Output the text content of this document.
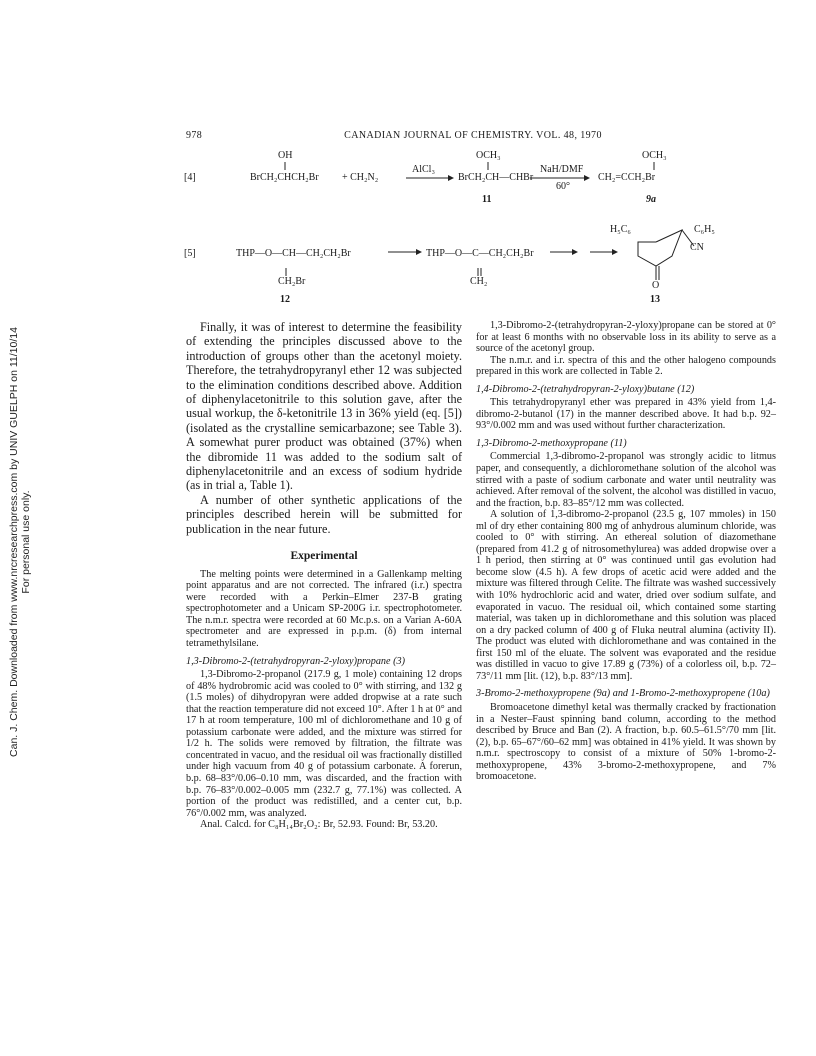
Can. J. Chem. Downloaded from www.nrcresearchpress.com by UNIV GUELPH on 11/10/14
For personal use only.
978	CANADIAN JOURNAL OF CHEMISTRY. VOL. 48, 1970
[4]
OH
BrCH₂CHCH₂Br + CH₂N₂
AlCl₃
OCH₃
BrCH₂CH—CHBr
11
NaH/DMF
60°
OCH₃
CH₂=CCH₂Br
9a
[5]	THP—O—CH—CH₂CH₂Br
CH₂Br
12
THP—O—C—CH₂CH₂Br
CH₂
H₅C₆	C₆H₅
CN
O
13

Finally, it was of interest to determine the feasibility of extending the principles discussed above to the introduction of groups other than the acetonyl moiety. Therefore, the tetrahydropyranyl ether 12 was subjected to the elimination conditions described above. Addition of diphenylacetonitrile to this solution gave, after the usual workup, the δ-ketonitrile 13 in 36% yield (eq. [5]) (isolated as the crystalline semicarbazone; see Table 3). A somewhat purer product was obtained (37%) when the dibromide 11 was added to the sodium salt of diphenylacetonitrile and an excess of sodium hydride (as in trial a, Table 1).

A number of other synthetic applications of the principles described herein will be submitted for publication in the near future.

Experimental

The melting points were determined in a Gallenkamp melting point apparatus and are not corrected. The infrared (i.r.) spectra were recorded with a Perkin–Elmer 237-B grating spectrophotometer and a Unicam SP-200G i.r. spectrophotometer. The n.m.r. spectra were recorded at 60 Mc.p.s. on a Varian A-60A spectrometer and are expressed in p.p.m. (δ) from internal tetramethylsilane.

1,3-Dibromo-2-(tetrahydropyran-2-yloxy)propane (3)

1,3-Dibromo-2-propanol (217.9 g, 1 mole) containing 12 drops of 48% hydrobromic acid was cooled to 0° with stirring, and 132 g (1.5 moles) of dihydropyran were added dropwise at a rate such that the reaction temperature did not exceed 10°. After 1 h at 0° and 17 h at room temperature, 100 ml of dichloromethane and 10 g of potassium carbonate were added, and the mixture was stirred for 1/2 h. The solids were removed by filtration, the filtrate was concentrated in vacuo, and the residual oil was fractionally distilled under high vacuum from 40 g of potassium carbonate. A forerun, b.p. 68–83°/0.06–0.10 mm, was discarded, and the fraction with b.p. 76–83°/0.002–0.005 mm (232.7 g, 77.1%) was collected. A portion of the product was redistilled, and a center cut, b.p. 76°/0.002 mm, was analyzed.

Anal. Calcd. for C₈H₁₄Br₂O₂: Br, 52.93. Found: Br, 53.20.

1,3-Dibromo-2-(tetrahydropyran-2-yloxy)propane can be stored at 0° for at least 6 months with no observable loss in its ability to serve as a source of the acetonyl group.

The n.m.r. and i.r. spectra of this and the other halogeno compounds prepared in this work are collected in Table 2.

1,4-Dibromo-2-(tetrahydropyran-2-yloxy)butane (12)

This tetrahydropyranyl ether was prepared in 43% yield from 1,4-dibromo-2-butanol (17) in the manner described above. It had b.p. 92–93°/0.002 mm and was used without further characterization.

1,3-Dibromo-2-methoxypropane (11)

Commercial 1,3-dibromo-2-propanol was strongly acidic to litmus paper, and consequently, a dichloromethane solution of the alcohol was stirred with a paste of sodium carbonate and water until neutrality was achieved. After removal of the solvent, the alcohol was distilled in vacuo, and the fraction, b.p. 83–85°/12 mm was collected.

A solution of 1,3-dibromo-2-propanol (23.5 g, 107 mmoles) in 150 ml of dry ether containing 800 mg of anhydrous aluminum chloride, was cooled to 0° with stirring. An ethereal solution of diazomethane (prepared from 41.2 g of nitrosomethylurea) was added dropwise over a 1 h period, then stirring at 0° was continued until gas evolution had become slow (4.5 h). A few drops of acetic acid were added and the mixture was filtered through Celite. The filtrate was washed successively with 10% hydrochloric acid and water, dried over sodium sulfate, and evaporated in vacuo. The residual oil, which contained some starting material, was taken up in dichloromethane and this solution was placed on a dry packed column of 400 g of Fluka neutral alumina (activity II). The product was eluted with dichloromethane and was contained in the first 150 ml of the eluate. The solvent was evaporated and the residue was distilled in vacuo to give 17.89 g (73%) of a colorless oil, b.p. 72–73°/11 mm [lit. (12), b.p. 83°/13 mm].

3-Bromo-2-methoxypropene (9a) and 1-Bromo-2-methoxypropene (10a)

Bromoacetone dimethyl ketal was thermally cracked by fractionation in a Nester–Faust spinning band column, according to the method described by Bruce and Ban (2). A fraction, b.p. 60.5–61.5°/70 mm [lit. (2), b.p. 65–67°/60–62 mm] was obtained in 41% yield. It was shown by n.m.r. spectroscopy to consist of a mixture of 50% 1-bromo-2-methoxypropene, 43% 3-bromo-2-methoxypropene, and 7% bromoacetone.
